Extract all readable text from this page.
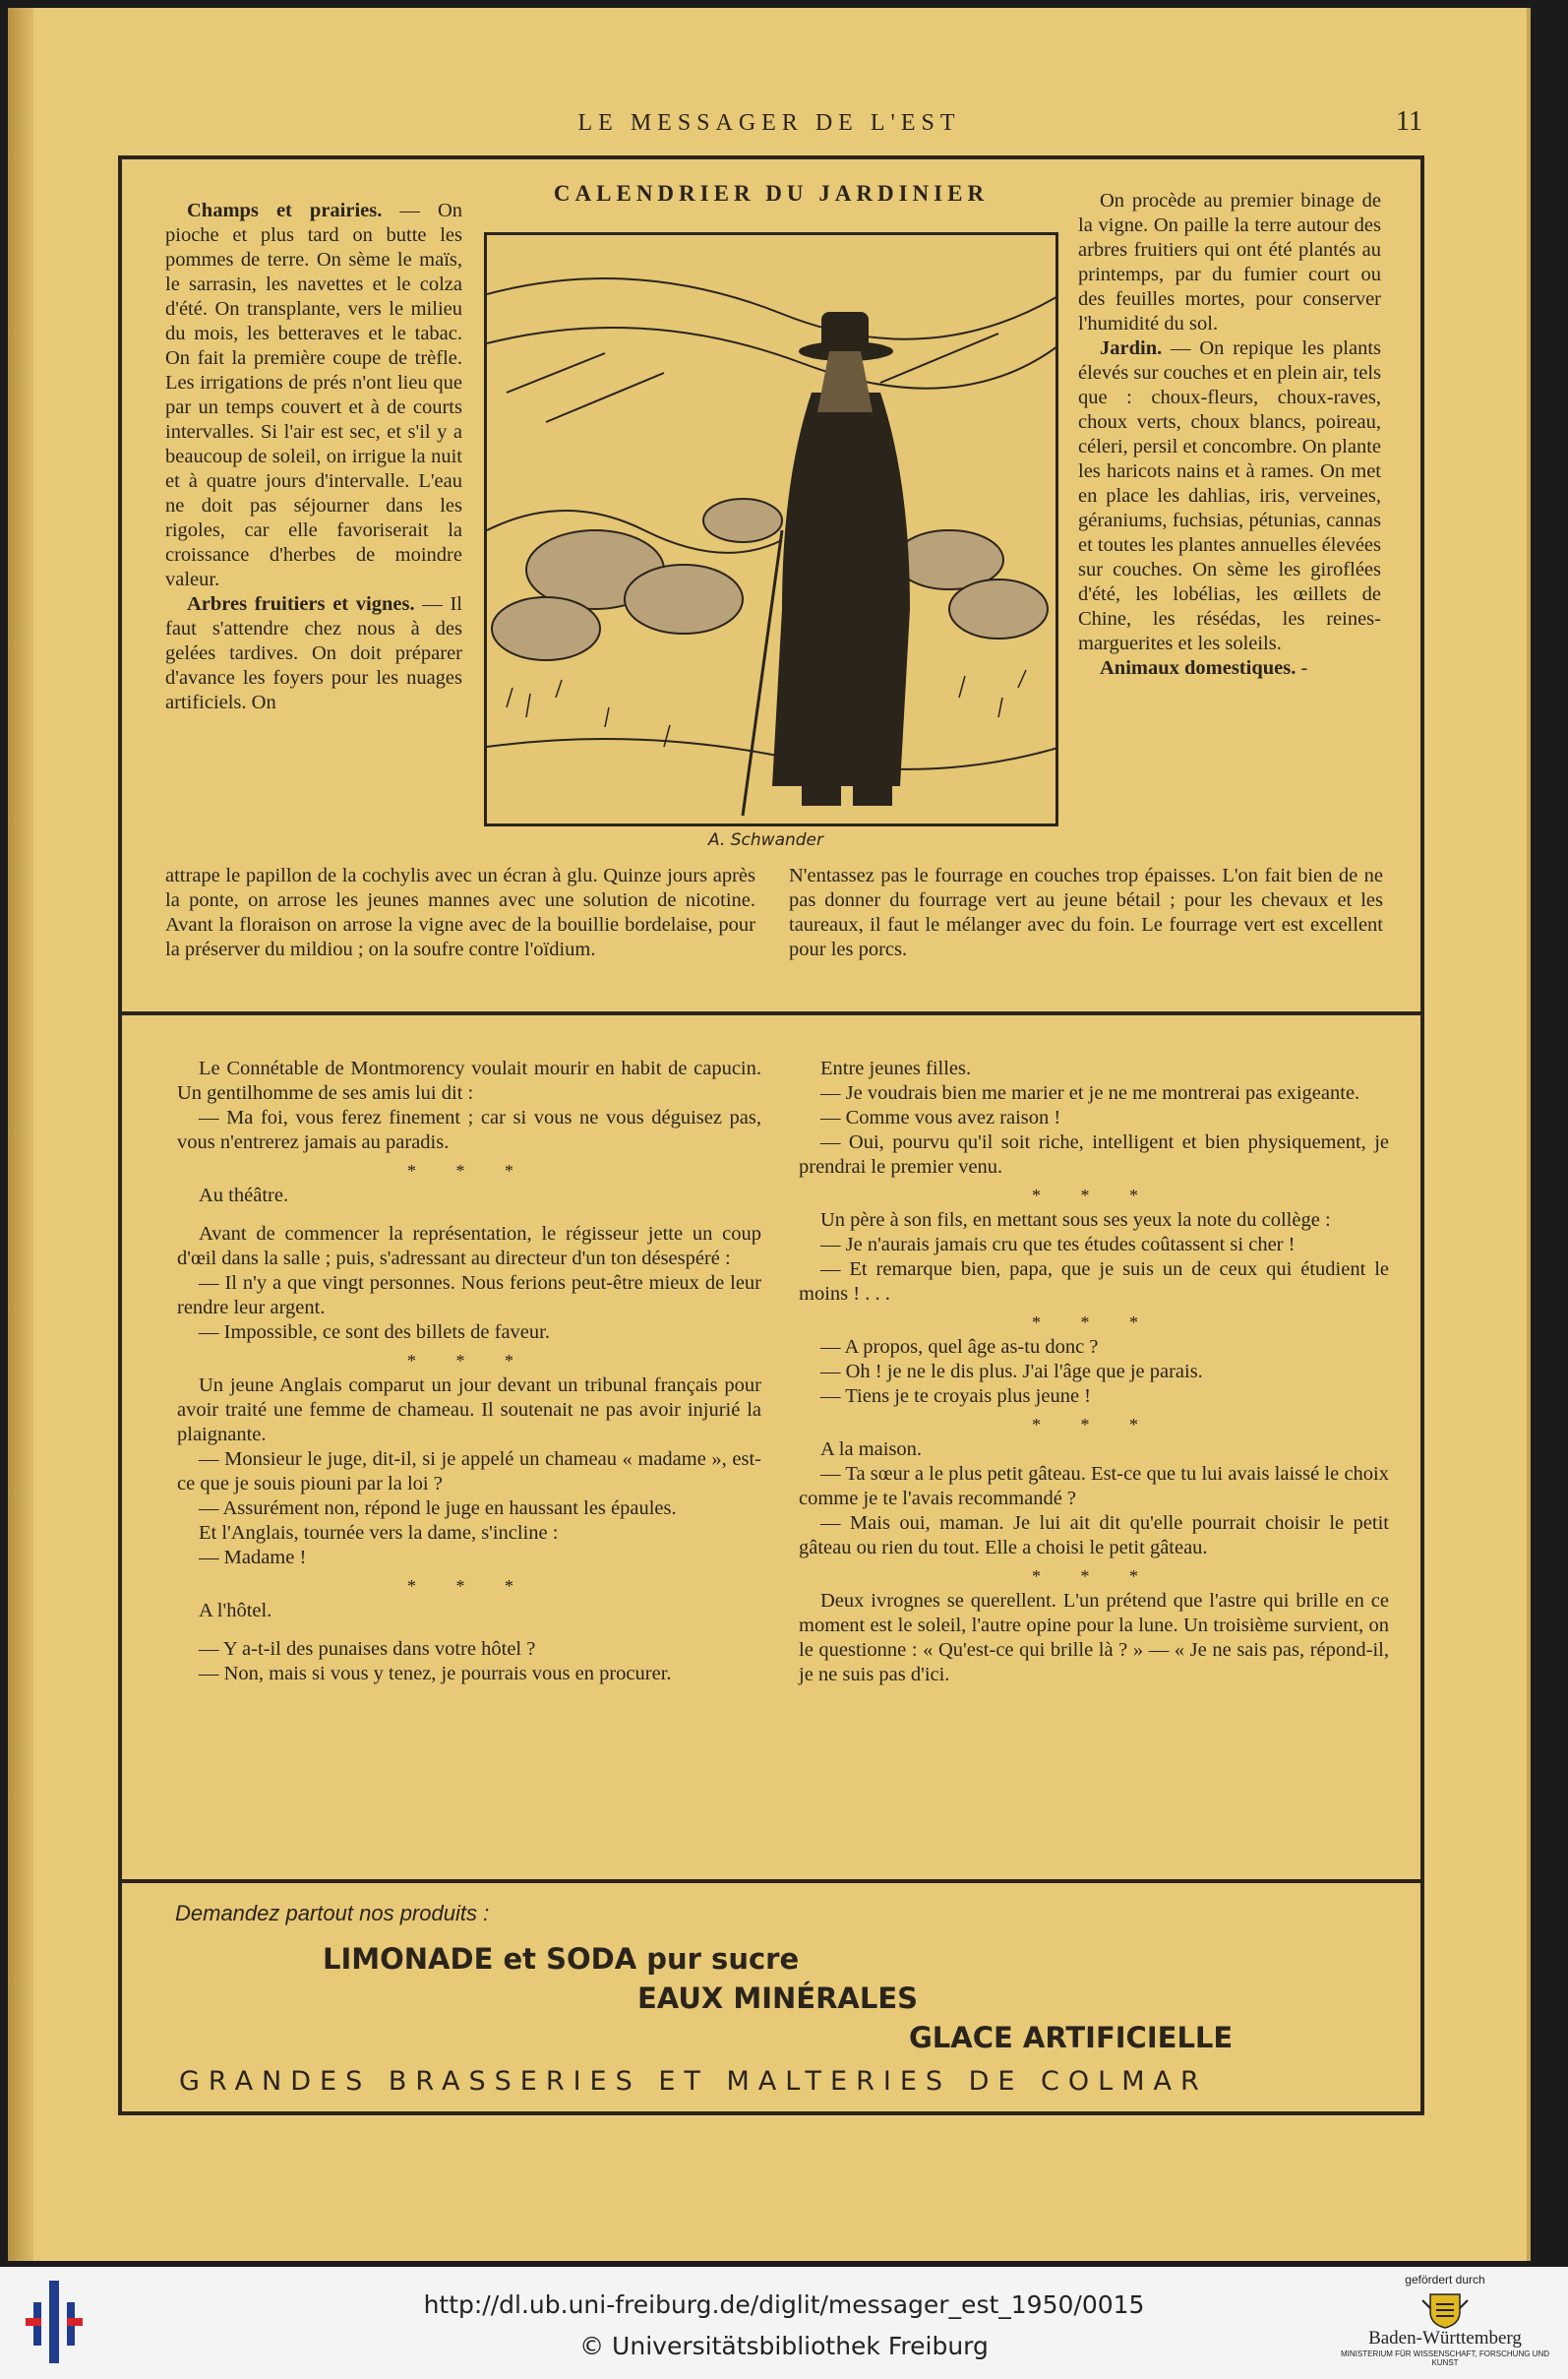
LE MESSAGER DE L'EST	11

Champs et prairies. — On pioche et plus tard on butte les pommes de terre. On sème le maïs, le sarrasin, les navettes et le colza d'été. On transplante, vers le milieu du mois, les betteraves et le tabac. On fait la première coupe de trèfle. Les irrigations de prés n'ont lieu que par un temps couvert et à de courts intervalles. Si l'air est sec, et s'il y a beaucoup de soleil, on irrigue la nuit et à quatre jours d'intervalle. L'eau ne doit pas séjourner dans les rigoles, car elle favoriserait la croissance d'herbes de moindre valeur.

Arbres fruitiers et vignes. — Il faut s'attendre chez nous à des gelées tardives. On doit préparer d'avance les foyers pour les nuages artificiels. On

CALENDRIER DU JARDINIER
A. Schwander

On procède au premier binage de la vigne. On paille la terre autour des arbres fruitiers qui ont été plantés au printemps, par du fumier court ou des feuilles mortes, pour conserver l'humidité du sol.

Jardin. — On repique les plants élevés sur couches et en plein air, tels que : choux-fleurs, choux-raves, choux verts, choux blancs, poireau, céleri, persil et concombre. On plante les haricots nains et à rames. On met en place les dahlias, iris, verveines, géraniums, fuchsias, pétunias, cannas et toutes les plantes annuelles élevées sur couches. On sème les giroflées d'été, les lobélias, les œillets de Chine, les résédas, les reines-marguerites et les soleils.

Animaux domestiques. -

attrape le papillon de la cochylis avec un écran à glu. Quinze jours après la ponte, on arrose les jeunes mannes avec une solution de nicotine. Avant la floraison on arrose la vigne avec de la bouillie bordelaise, pour la préserver du mildiou ; on la soufre contre l'oïdium.
N'entassez pas le fourrage en couches trop épaisses. L'on fait bien de ne pas donner du fourrage vert au jeune bétail ; pour les chevaux et les taureaux, il faut le mélanger avec du foin. Le fourrage vert est excellent pour les porcs.

Le Connétable de Montmorency voulait mourir en habit de capucin. Un gentilhomme de ses amis lui dit :

— Ma foi, vous ferez finement ; car si vous ne vous déguisez pas, vous n'entrerez jamais au paradis.

* * *

Au théâtre.

Avant de commencer la représentation, le régisseur jette un coup d'œil dans la salle ; puis, s'adressant au directeur d'un ton désespéré :

— Il n'y a que vingt personnes. Nous ferions peut-être mieux de leur rendre leur argent.

— Impossible, ce sont des billets de faveur.

* * *

Un jeune Anglais comparut un jour devant un tribunal français pour avoir traité une femme de chameau. Il soutenait ne pas avoir injurié la plaignante.

— Monsieur le juge, dit-il, si je appelé un chameau « madame », est-ce que je souis piouni par la loi ?

— Assurément non, répond le juge en haussant les épaules.

Et l'Anglais, tournée vers la dame, s'incline :

— Madame !

* * *

A l'hôtel.

— Y a-t-il des punaises dans votre hôtel ?

— Non, mais si vous y tenez, je pourrais vous en procurer.

Entre jeunes filles.

— Je voudrais bien me marier et je ne me montrerai pas exigeante.

— Comme vous avez raison !

— Oui, pourvu qu'il soit riche, intelligent et bien physiquement, je prendrai le premier venu.

* * *

Un père à son fils, en mettant sous ses yeux la note du collège :

— Je n'aurais jamais cru que tes études coûtassent si cher !

— Et remarque bien, papa, que je suis un de ceux qui étudient le moins ! . . .

* * *

— A propos, quel âge as-tu donc ?

— Oh ! je ne le dis plus. J'ai l'âge que je parais.

— Tiens je te croyais plus jeune !

* * *

A la maison.

— Ta sœur a le plus petit gâteau. Est-ce que tu lui avais laissé le choix comme je te l'avais recommandé ?

— Mais oui, maman. Je lui ait dit qu'elle pourrait choisir le petit gâteau ou rien du tout. Elle a choisi le petit gâteau.

* * *

Deux ivrognes se querellent. L'un prétend que l'astre qui brille en ce moment est le soleil, l'autre opine pour la lune. Un troisième survient, on le questionne : « Qu'est-ce qui brille là ? » — « Je ne sais pas, répond-il, je ne suis pas d'ici.

Demandez partout nos produits :
LIMONADE et SODA pur sucre
EAUX MINÉRALES
GLACE ARTIFICIELLE
GRANDES BRASSERIES ET MALTERIES DE COLMAR
http://dl.ub.uni-freiburg.de/diglit/messager_est_1950/0015
© Universitätsbibliothek Freiburg
gefördert durch
Baden-Württemberg
MINISTERIUM FÜR WISSENSCHAFT, FORSCHUNG UND KUNST
